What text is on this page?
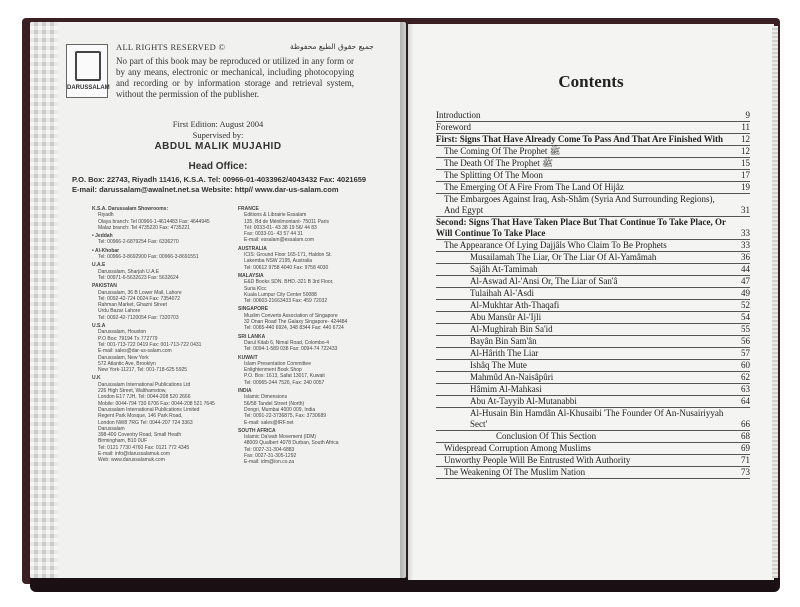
DARUSSALAM
ALL RIGHTS RESERVED ©	جميع حقوق الطبع محفوظة
No part of this book may be reproduced or utilized in any form or by any means, electronic or mechanical, including photocopying and recording or by information storage and retrieval system, without the permission of the publisher.
First Edition: August 2004
Supervised by:
ABDUL MALIK MUJAHID
Head Office:
P.O. Box: 22743, Riyadh 11416, K.S.A. Tel: 00966-01-4033962/4043432 Fax: 4021659
E-mail: darussalam@awalnet.net.sa Website: http// www.dar-us-salam.com
K.S.A. Darussalam Showrooms:
Riyadh
Olaya branch: Tel 00966-1-4614483 Fax: 4644945
Malaz branch: Tel 4735220 Fax: 4735221
• Jeddah
Tel: 00966-2-6879254 Fax: 6336270
• Al-Khobar
Tel: 00966-3-8692900 Fax: 00966-3-8691551
U.A.E
Darussalam, Sharjah U.A.E
Tel: 00971-6-5632623 Fax: 5632624
PAKISTAN
Darussalam, 36 B Lower Mall, Lahore
Tel: 0092-42-724 0024 Fax: 7354072
Rahman Market, Ghazni Street
Urdu Bazar Lahore
Tel: 0092-42-7120054 Fax: 7320703
U.S.A
Darussalam, Houston
P.O Box: 79194 Tx 772779
Tel: 001-713-722 0419 Fax: 001-713-722 0431
E-mail: sales@dar-us-salam.com
Darussalam, New York
572 Atlantic Ave, Brooklyn
New York-11217, Tel: 001-718-625 5925
U.K
Darussalam International Publications Ltd
226 High Street, Walthamstow,
London E17 7JH, Tel: 0044-208 520 2666
Mobile: 0044-794 730 6706 Fax: 0044-208 521 7645
Darussalam International Publications Limited
Regent Park Mosque, 146 Park Road,
London NW8 7RG Tel: 0044-207 724 3363
Darussalam
398-400 Coventry Road, Small Heath
Birmingham, B10 0UF
Tel: 0121 7730 4760 Fax: 0121 772 4345
E-mail: info@darussalamuk.com
Web: www.darussalamuk.com
FRANCE
Editions & Librairie Essalam
135, Bd de Ménilmontant- 75011 Paris
Tél: 0033-01- 43 38 19 56/ 44 83
Fax: 0033-01- 43 57 44 31
E-mail: essalam@essalam.com
AUSTRALIA
ICIS: Ground Floor 165-171, Haldon St.
Lakemba NSW 2195, Australia
Tel: 00612 9758 4040 Fax: 9758 4030
MALAYSIA
E&D Books SDN. BHD.-321 B 3rd Floor,
Suria Klcc
Kuala Lumpur City Center 50088
Tel: 00603-21663433 Fax: 459 72032
SINGAPORE
Muslim Converts Association of Singapore
32 Onan Road The Galaxy Singapore- 424484
Tel: 0065-440 6924, 348 8344 Fax: 440 6724
SRI LANKA
Darul Kitab 6, Nimal Road, Colombo-4
Tel: 0094-1-589 038 Fax: 0094-74 722433
KUWAIT
Islam Presentation Committee
Enlightenment Book Shop
P.O. Box: 1613, Safat 13017, Kuwait
Tel: 00965-244 7526, Fax: 240 0057
INDIA
Islamic Dimensions
56/58 Tandel Street (North)
Dongri, Mumbai 4000 009, India
Tel: 0091-22-3736875, Fax: 3730689
E-mail: sales@IRF.net
SOUTH AFRICA
Islamic Da'wah Movement (IDM)
48009 Qualbert 4078 Durban, South Africa
Tel: 0027-31-304-6883
Fax: 0027-31-305-1292
E-mail: idm@ion.co.za
Contents
Introduction	9
Foreword	11
First: Signs That Have Already Come To Pass And That Are Finished With	12
The Coming Of The Prophet ﷺ	12
The Death Of The Prophet ﷺ	15
The Splitting Of The Moon	17
The Emerging Of A Fire From The Land Of Hijâz	19
The Embargoes Against Iraq, Ash-Shâm (Syria And Surrounding Regions), And Egypt	31
Second: Signs That Have Taken Place But That Continue To Take Place, Or Will Continue To Take Place	33
The Appearance Of Lying Dajjâls Who Claim To Be Prophets	33
Musailamah The Liar, Or The Liar Of Al-Yamâmah	36
Sajâh At-Tamimah	44
Al-Aswad Al-'Ansi Or, The Liar of San'â	47
Tulaihah Al-'Asdi	49
Al-Mukhtar Ath-Thaqafi	52
Abu Mansûr Al-'Ijli	54
Al-Mughirah Bin Sa'id	55
Bayân Bin Sam'ân	56
Al-Hârith The Liar	57
Ishâq The Mute	60
Mahmûd An-Naisâpûri	62
Hâmim Al-Mahkasi	63
Abu At-Tayyib Al-Mutanabbi	64
Al-Husain Bin Hamdân Al-Khusaibi 'The Founder Of An-Nusairiyyah Sect'	66
Conclusion Of This Section	68
Widespread Corruption Among Muslims	69
Unworthy People Will Be Entrusted With Authority	71
The Weakening Of The Muslim Nation	73
